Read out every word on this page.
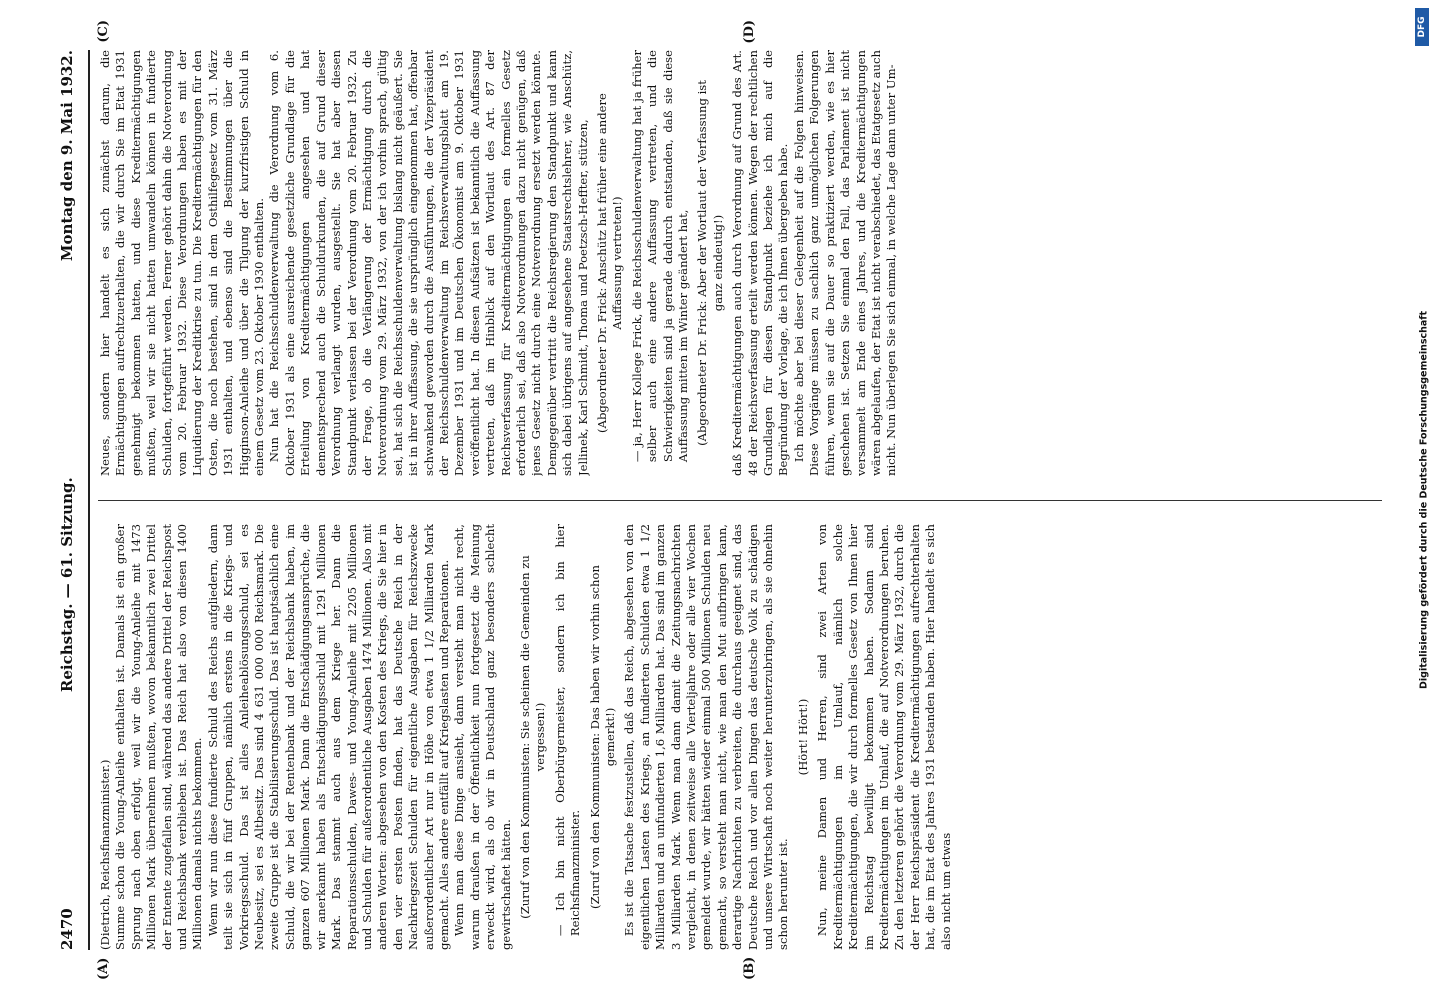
2470
Reichstag. — 61. Sitzung.
Montag den 9. Mai 1932.
(A)	(B)
(C)	(D)

(Dietrich, Reichsfinanzminister.) Summe schon die Young-Anleihe enthalten ist. Damals ist ein großer Sprung nach oben erfolgt, weil wir die Young-Anleihe mit 1473 Millionen Mark übernehmen mußten, wovon bekanntlich zwei Drittel der Entente zugefallen sind, während das andere Drittel der Reichspost und Reichsbank verblieben ist. Das Reich hat also von diesen 1400 Millionen damals nichts bekommen. Wenn wir nun diese fundierte Schuld des Reichs aufgliedern, dann teilt sie sich in fünf Gruppen, nämlich erstens in die Kriegs- und Vorkriegsschuld. Das ist alles Anleiheablösungsschuld, sei es Neubesitz, sei es Altbesitz. Das sind 4 631 000 000 Reichsmark. Die zweite Gruppe ist die Stabilisierungsschuld. Das ist hauptsächlich eine Schuld, die wir bei der Rentenbank und der Reichsbank haben, im ganzen 607 Millionen Mark. Dann die Entschädigungsansprüche, die wir anerkannt haben als Entschädigungsschuld mit 1291 Millionen Mark. Das stammt auch aus dem Kriege her. Dann die Reparationsschulden, Dawes- und Young-Anleihe mit 2205 Millionen und Schulden für außerordentliche Ausgaben 1474 Millionen. Also mit anderen Worten: abgesehen von den Kosten des Kriegs, die Sie hier in den vier ersten Posten finden, hat das Deutsche Reich in der Nachkriegszeit Schulden für eigentliche Ausgaben für Reichszwecke außerordentlicher Art nur in Höhe von etwa 1 1/2 Milliarden Mark gemacht. Alles andere entfällt auf Kriegslasten und Reparationen. Wenn man diese Dinge ansieht, dann versteht man nicht recht, warum draußen in der Öffentlichkeit nun fortgesetzt die Meinung erweckt wird, als ob wir in Deutschland ganz besonders schlecht gewirtschaftet hätten. (Zuruf von den Kommunisten: Sie scheinen die Gemeinden zu vergessen!) — Ich bin nicht Oberbürgermeister, sondern ich bin hier Reichsfinanzminister. (Zuruf von den Kommunisten: Das haben wir vorhin schon gemerkt!) Es ist die Tatsache festzustellen, daß das Reich, abgesehen von den eigentlichen Lasten des Kriegs, an fundierten Schulden etwa 1 1/2 Milliarden und an unfundierten 1,6 Milliarden hat. Das sind im ganzen 3 Milliarden Mark. Wenn man dann damit die Zeitungsnachrichten vergleicht, in denen zeitweise alle Vierteljahre oder alle vier Wochen gemeldet wurde, wir hätten wieder einmal 500 Millionen Schulden neu gemacht, so versteht man nicht, wie man den Mut aufbringen kann, derartige Nachrichten zu verbreiten, die durchaus geeignet sind, das Deutsche Reich und vor allen Dingen das deutsche Volk zu schädigen und unsere Wirtschaft noch weiter herunterzubringen, als sie ohnehin schon herunter ist.

(Hört! Hört!) Nun, meine Damen und Herren, sind zwei Arten von Kreditermächtigungen im Umlauf, nämlich solche Kreditermächtigungen, die wir durch formelles Gesetz von Ihnen hier im Reichstag bewilligt bekommen haben. Sodann sind Kreditermächtigungen im Umlauf, die auf Notverordnungen beruhen. Zu den letzteren gehört die Verordnung vom 29. März 1932, durch die der Herr Reichspräsident die Kreditermächtigungen aufrechterhalten hat, die im Etat des Jahres 1931 bestanden haben. Hier handelt es sich also nicht um etwas

Neues, sondern hier handelt es sich zunächst darum, die Ermächtigungen aufrechtzuerhalten, die wir durch Sie im Etat 1931 genehmigt bekommen hatten, und diese Kreditermächtigungen mußten, weil wir sie nicht hatten umwandeln können in fundierte Schulden, fortgeführt werden. Ferner gehört dahin die Notverordnung vom 20. Februar 1932. Diese Verordnungen haben es mit der Liquidierung der Kreditkrise zu tun. Die Kreditermächtigungen für den Osten, die noch bestehen, sind in dem Osthilfegesetz vom 31. März 1931 enthalten, und ebenso sind die Bestimmungen über die Higginson-Anleihe und über die Tilgung der kurzfristigen Schuld in einem Gesetz vom 23. Oktober 1930 enthalten. Nun hat die Reichsschuldenverwaltung die Verordnung vom 6. Oktober 1931 als eine ausreichende gesetzliche Grundlage für die Erteilung von Kreditermächtigungen angesehen und hat dementsprechend auch die Schuldurkunden, die auf Grund dieser Verordnung verlangt wurden, ausgestellt. Sie hat aber diesen Standpunkt verlassen bei der Verordnung vom 20. Februar 1932. Zu der Frage, ob die Verlängerung der Ermächtigung durch die Notverordnung vom 29. März 1932, von der ich vorhin sprach, gültig sei, hat sich die Reichsschuldenverwaltung bislang nicht geäußert. Sie ist in ihrer Auffassung, die sie ursprünglich eingenommen hat, offenbar schwankend geworden durch die Ausführungen, die der Vizepräsident der Reichsschuldenverwaltung im Reichsverwaltungsblatt am 19. Dezember 1931 und im Deutschen Ökonomist am 9. Oktober 1931 veröffentlicht hat. In diesen Aufsätzen ist bekanntlich die Auffassung vertreten, daß im Hinblick auf den Wortlaut des Art. 87 der Reichsverfassung für Kreditermächtigungen ein formelles Gesetz erforderlich sei, daß also Notverordnungen dazu nicht genügen, daß jenes Gesetz nicht durch eine Notverordnung ersetzt werden könnte. Demgegenüber vertritt die Reichsregierung den Standpunkt und kann sich dabei übrigens auf angesehene Staatsrechtslehrer, wie Anschütz, Jellinek, Karl Schmidt, Thoma und Poetzsch-Heffter, stützen, (Abgeordneter Dr. Frick: Anschütz hat früher eine andere Auffassung vertreten!) — ja, Herr Kollege Frick, die Reichsschuldenverwaltung hat ja früher selber auch eine andere Auffassung vertreten, und die Schwierigkeiten sind ja gerade dadurch entstanden, daß sie diese Auffassung mitten im Winter geändert hat, (Abgeordneter Dr. Frick: Aber der Wortlaut der Verfassung ist ganz eindeutig!) daß Kreditermächtigungen auch durch Verordnung auf Grund des Art. 48 der Reichsverfassung erteilt werden können. Wegen der rechtlichen Grundlagen für diesen Standpunkt beziehe ich mich auf die Begründung der Vorlage, die ich Ihnen übergeben habe. Ich möchte aber bei dieser Gelegenheit auf die Folgen hinweisen. Diese Vorgänge müssen zu sachlich ganz unmöglichen Folgerungen führen, wenn sie auf die Dauer so praktiziert werden, wie es hier geschehen ist. Setzen Sie einmal den Fall, das Parlament ist nicht versammelt am Ende eines Jahres, und die Kreditermächtigungen wären abgelaufen, der Etat ist nicht verabschiedet, das Etatgesetz auch nicht. Nun überlegen Sie sich einmal, in welche Lage dann unter Um-

DFG
Digitalisierung gefördert durch die Deutsche Forschungsgemeinschaft
